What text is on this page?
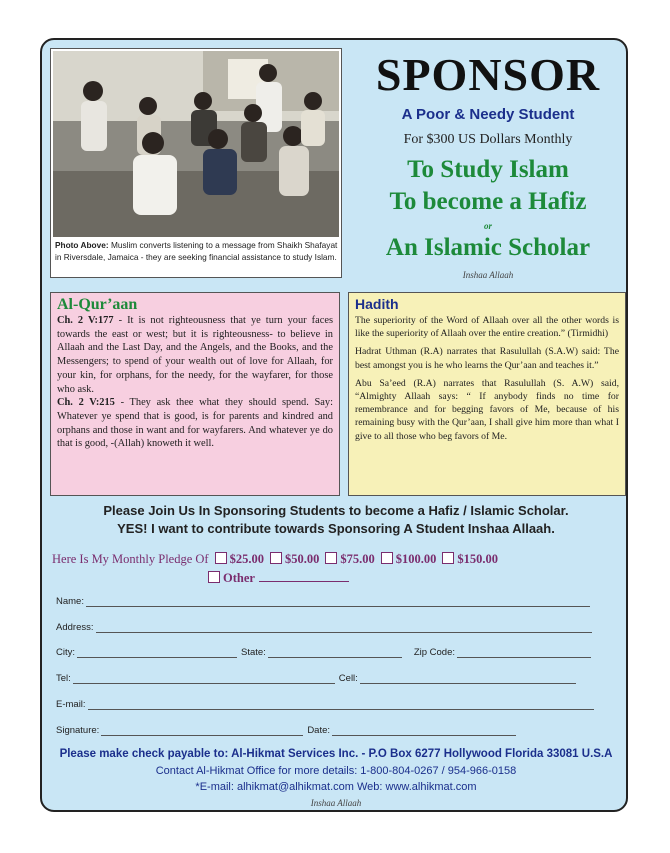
Photo Above: Muslim converts listening to a message from Shaikh Shafayat in Riversdale, Jamaica - they are seeking financial assistance to study Islam.
SPONSOR
A Poor & Needy Student
For $300 US Dollars Monthly
To Study Islam
To become a Hafiz
or
An Islamic Scholar
Inshaa Allaah
Al-Qur’aan

Ch. 2 V:177 - It is not righteousness that ye turn your faces towards the east or west; but it is righteousness- to believe in Allaah and the Last Day, and the Angels, and the Books, and the Messengers; to spend of your wealth out of love for Allaah, for your kin, for orphans, for the needy, for the wayfarer, for those who ask.

Ch. 2 V:215 - They ask thee what they should spend. Say: Whatever ye spend that is good, is for parents and kindred and orphans and those in want and for wayfarers. And whatever ye do that is good, -(Allah) knoweth it well.

Hadith

The superiority of the Word of Allaah over all the other words is like the superiority of Allaah over the entire creation.” (Tirmidhi)

Hadrat Uthman (R.A) narrates that Rasulullah (S.A.W) said: The best amongst you is he who learns the Qur’aan and teaches it.”

Abu Sa’eed (R.A) narrates that Rasulullah (S. A.W) said, “Almighty Allaah says: “ If anybody finds no time for remembrance and for begging favors of Me, because of his remaining busy with the Qur’aan, I shall give him more than what I give to all those who beg favors of Me.

Please Join Us In Sponsoring Students to become a Hafiz / Islamic Scholar.
YES! I want to contribute towards Sponsoring A Student Inshaa Allaah.
Here Is My Monthly Pledge Of $25.00 $50.00 $75.00 $100.00 $150.00
Other
Name:
Address:
City:	State:	Zip Code:
Tel:	Cell:
E-mail:
Signature:	Date:
Please make check payable to: Al-Hikmat Services Inc. - P.O Box 6277 Hollywood Florida 33081 U.S.A
Contact Al-Hikmat Office for more details: 1-800-804-0267 / 954-966-0158
*E-mail: alhikmat@alhikmat.com Web: www.alhikmat.com
Inshaa Allaah
